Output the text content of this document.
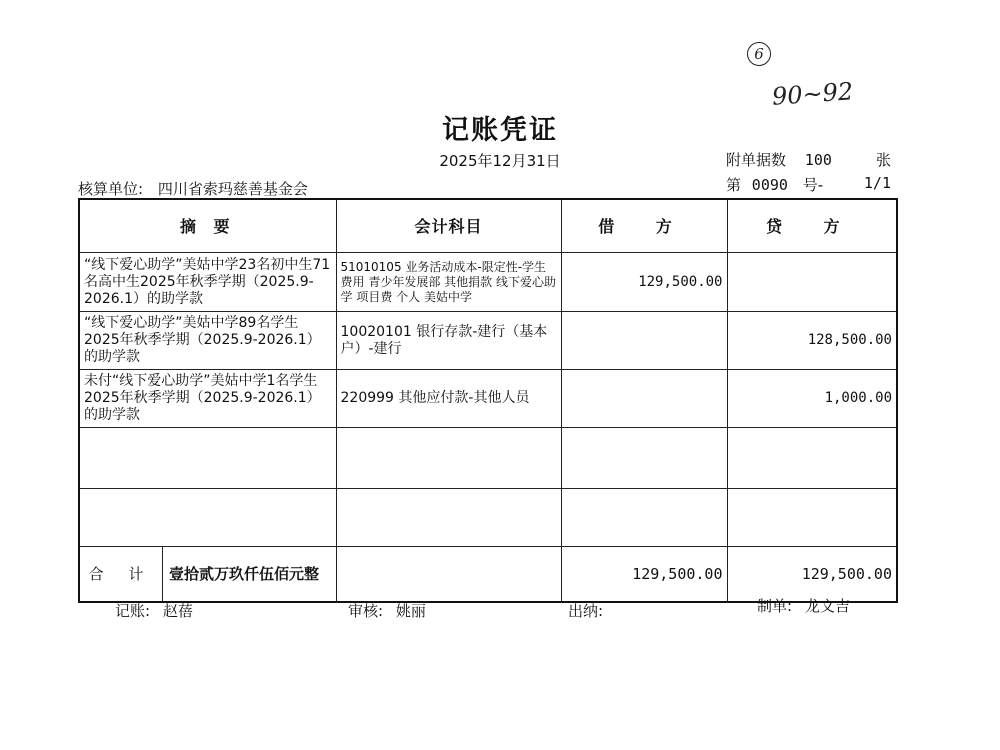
6
90~92
记账凭证
2025年12月31日	附单据数 100	张
核算单位: 四川省索玛慈善基金会	第 0090 号-	1/1
摘 要	会计科目	借 方	贷 方
“线下爱心助学”美姑中学23名初中生71名高中生2025年秋季学期（2025.9-2026.1）的助学款	51010105 业务活动成本-限定性-学生费用 青少年发展部 其他捐款 线下爱心助学 项目费 个人 美姑中学	129,500.00	
“线下爱心助学”美姑中学89名学生2025年秋季学期（2025.9-2026.1）的助学款	10020101 银行存款-建行（基本户）-建行		128,500.00
未付“线下爱心助学”美姑中学1名学生2025年秋季学期（2025.9-2026.1）的助学款	220999 其他应付款-其他人员		1,000.00

合 计 壹拾贰万玖仟伍佰元整		129,500.00	129,500.00
记账: 赵蓓	审核: 姚丽	出纳:	制单: 龙文吉
